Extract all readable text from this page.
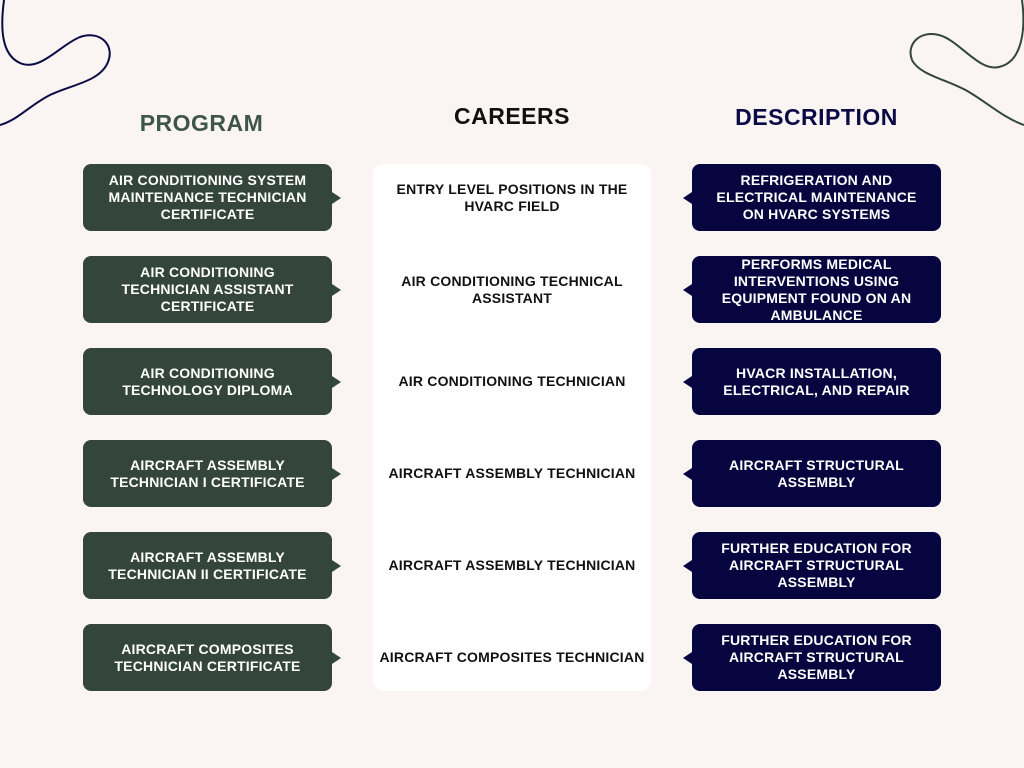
PROGRAM	CAREERS	DESCRIPTION
AIR CONDITIONING SYSTEM MAINTENANCE TECHNICIAN CERTIFICATE
AIR CONDITIONING TECHNICIAN ASSISTANT CERTIFICATE
AIR CONDITIONING TECHNOLOGY DIPLOMA
AIRCRAFT ASSEMBLY TECHNICIAN I CERTIFICATE
AIRCRAFT ASSEMBLY TECHNICIAN II CERTIFICATE
AIRCRAFT COMPOSITES TECHNICIAN CERTIFICATE
ENTRY LEVEL POSITIONS IN THE HVARC FIELD
AIR CONDITIONING TECHNICAL ASSISTANT
AIR CONDITIONING TECHNICIAN
AIRCRAFT ASSEMBLY TECHNICIAN
AIRCRAFT ASSEMBLY TECHNICIAN
AIRCRAFT COMPOSITES TECHNICIAN
REFRIGERATION AND ELECTRICAL MAINTENANCE ON HVARC SYSTEMS
PERFORMS MEDICAL INTERVENTIONS USING EQUIPMENT FOUND ON AN AMBULANCE
HVACR INSTALLATION, ELECTRICAL, AND REPAIR
AIRCRAFT STRUCTURAL ASSEMBLY
FURTHER EDUCATION FOR AIRCRAFT STRUCTURAL ASSEMBLY
FURTHER EDUCATION FOR AIRCRAFT STRUCTURAL ASSEMBLY
